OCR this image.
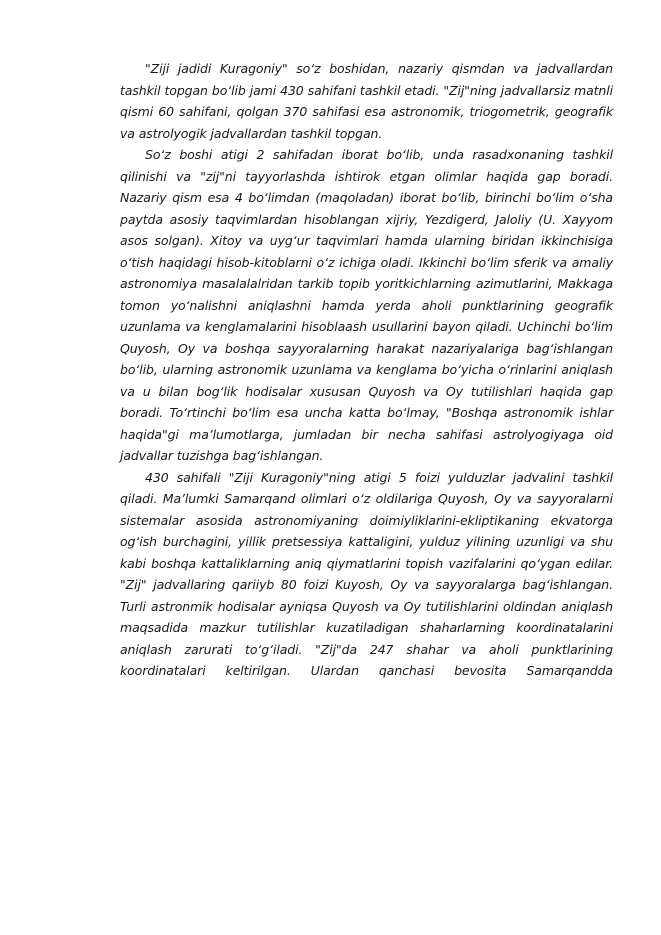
"Ziji jadidi Kuragoniy" so‘z boshidan, nazariy qismdan va jadvallardan tashkil topgan bo‘lib jami 430 sahifani tashkil etadi. "Zij"ning jadvallarsiz matnli qismi 60 sahifani, qolgan 370 sahifasi esa astronomik, triogometrik, geografik va astrolyogik jadvallardan tashkil topgan.

So‘z boshi atigi 2 sahifadan iborat bo‘lib, unda rasadxonaning tashkil qilinishi va "zij"ni tayyorlashda ishtirok etgan olimlar haqida gap boradi. Nazariy qism esa 4 bo‘limdan (maqoladan) iborat bo‘lib, birinchi bo‘lim o‘sha paytda asosiy taqvimlardan hisoblangan xijriy, Yezdigerd, Jaloliy (U. Xayyom asos solgan). Xitoy va uyg‘ur taqvimlari hamda ularning biridan ikkinchisiga o‘tish haqidagi hisob-kitoblarni o‘z ichiga oladi. Ikkinchi bo‘lim sferik va amaliy astronomiya masalalalridan tarkib topib yoritkichlarning azimutlarini, Makkaga tomon yo‘nalishni aniqlashni hamda yerda aholi punktlarining geografik uzunlama va kenglamalarini hisoblaash usullarini bayon qiladi. Uchinchi bo‘lim Quyosh, Oy va boshqa sayyoralarning harakat nazariyalariga bag‘ishlangan bo‘lib, ularning astronomik uzunlama va kenglama bo‘yicha o‘rinlarini aniqlash va u bilan bog‘lik hodisalar xususan Quyosh va Oy tutilishlari haqida gap boradi. To‘rtinchi bo‘lim esa uncha katta bo‘lmay, "Boshqa astronomik ishlar haqida"gi ma’lumotlarga, jumladan bir necha sahifasi astrolyogiyaga oid jadvallar tuzishga bag‘ishlangan.

430 sahifali "Ziji Kuragoniy"ning atigi 5 foizi yulduzlar jadvalini tashkil qiladi. Ma’lumki Samarqand olimlari o‘z oldilariga Quyosh, Oy va sayyoralarni sistemalar asosida astronomiyaning doimiyliklarini-ekliptikaning ekvatorga og‘ish burchagini, yillik pretsessiya kattaligini, yulduz yilining uzunligi va shu kabi boshqa kattaliklarning aniq qiymatlarini topish vazifalarini qo‘ygan edilar. "Zij" jadvallaring qariiyb 80 foizi Kuyosh, Oy va sayyoralarga bag‘ishlangan. Turli astronmik hodisalar ayniqsa Quyosh va Oy tutilishlarini oldindan aniqlash maqsadida mazkur tutilishlar kuzatiladigan shaharlarning koordinatalarini aniqlash zarurati to‘g‘iladi. "Zij"da 247 shahar va aholi punktlarining koordinatalari keltirilgan. Ulardan qanchasi bevosita Samarqandda
